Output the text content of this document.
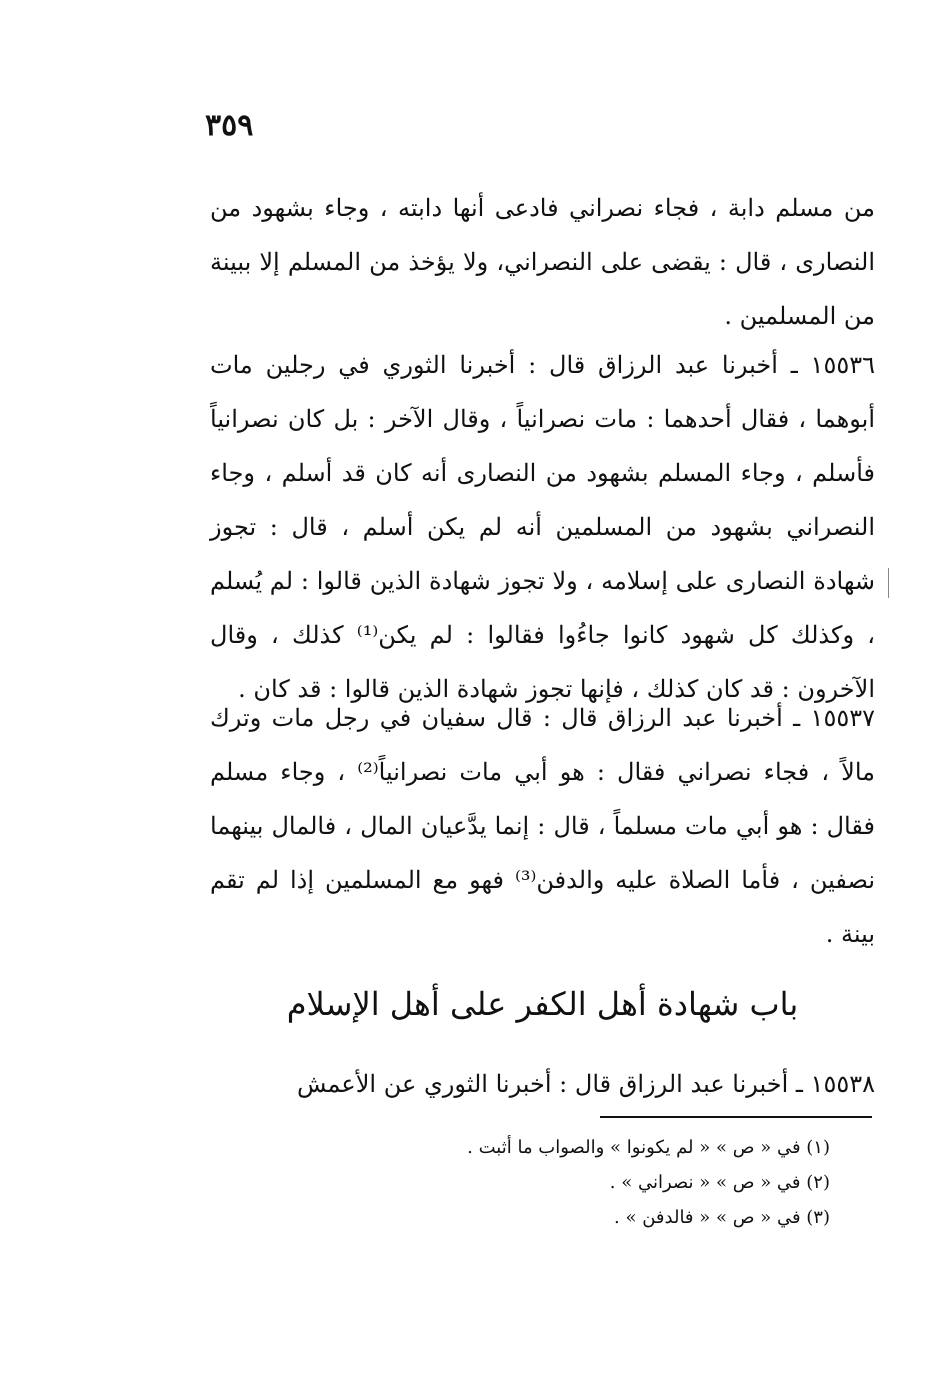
٣٥٩
من مسلم دابة ، فجاء نصراني فادعى أنها دابته ، وجاء بشهود من النصارى ، قال : يقضى على النصراني، ولا يؤخذ من المسلم إلا ببينة من المسلمين .
١٥٥٣٦ ـ أخبرنا عبد الرزاق قال : أخبرنا الثوري في رجلين مات أبوهما ، فقال أحدهما : مات نصرانياً ، وقال الآخر : بل كان نصرانياً فأسلم ، وجاء المسلم بشهود من النصارى أنه كان قد أسلم ، وجاء النصراني بشهود من المسلمين أنه لم يكن أسلم ، قال : تجوز شهادة النصارى على إسلامه ، ولا تجوز شهادة الذين قالوا : لم يُسلم ، وكذلك كل شهود كانوا جاءُوا فقالوا : لم يكن⁽¹⁾ كذلك ، وقال الآخرون : قد كان كذلك ، فإنها تجوز شهادة الذين قالوا : قد كان .
١٥٥٣٧ ـ أخبرنا عبد الرزاق قال : قال سفيان في رجل مات وترك مالاً ، فجاء نصراني فقال : هو أبي مات نصرانياً⁽²⁾ ، وجاء مسلم فقال : هو أبي مات مسلماً ، قال : إنما يدَّعيان المال ، فالمال بينهما نصفين ، فأما الصلاة عليه والدفن⁽³⁾ فهو مع المسلمين إذا لم تقم بينة .
باب شهادة أهل الكفر على أهل الإسلام
١٥٥٣٨ ـ أخبرنا عبد الرزاق قال : أخبرنا الثوري عن الأعمش
(١) في « ص » « لم يكونوا » والصواب ما أثبت .
(٢) في « ص » « نصراني » .
(٣) في « ص » « فالدفن » .
